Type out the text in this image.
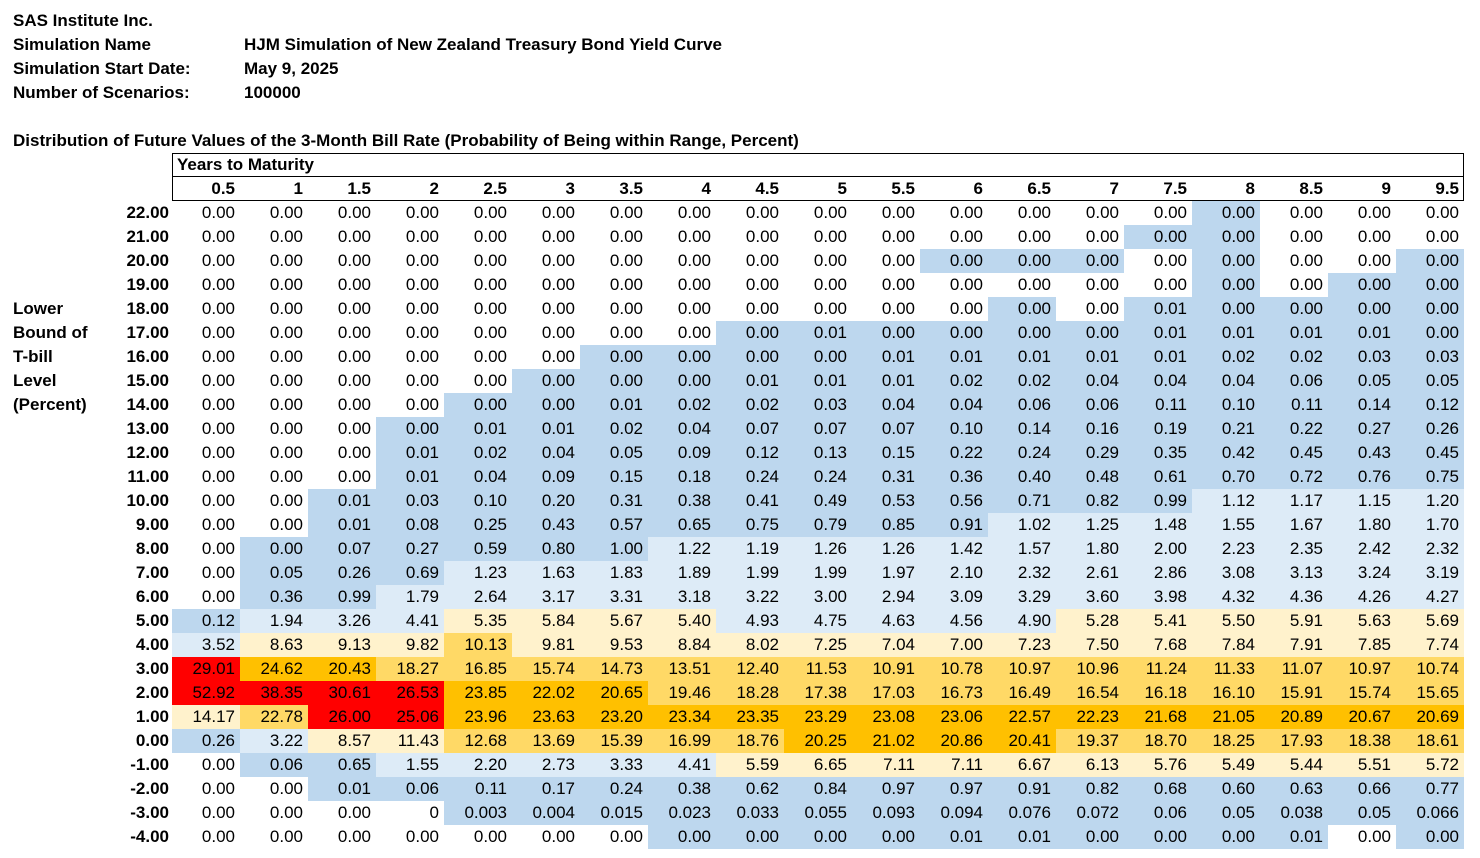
SAS Institute Inc.
Simulation Name	HJM Simulation of New Zealand Treasury Bond Yield Curve
Simulation Start Date:	May 9, 2025
Number of Scenarios:	100000
Distribution of Future Values of the 3-Month Bill Rate (Probability of Being within Range, Percent)
Years to Maturity
Lower
Bound of
T-bill
Level
(Percent)
0.5	1	1.5	2	2.5	3	3.5	4	4.5	5	5.5	6	6.5	7	7.5	8	8.5	9	9.5
22.00	0.00	0.00	0.00	0.00	0.00	0.00	0.00	0.00	0.00	0.00	0.00	0.00	0.00	0.00	0.00	0.00	0.00	0.00	0.00
21.00	0.00	0.00	0.00	0.00	0.00	0.00	0.00	0.00	0.00	0.00	0.00	0.00	0.00	0.00	0.00	0.00	0.00	0.00	0.00
20.00	0.00	0.00	0.00	0.00	0.00	0.00	0.00	0.00	0.00	0.00	0.00	0.00	0.00	0.00	0.00	0.00	0.00	0.00	0.00
19.00	0.00	0.00	0.00	0.00	0.00	0.00	0.00	0.00	0.00	0.00	0.00	0.00	0.00	0.00	0.00	0.00	0.00	0.00	0.00
18.00	0.00	0.00	0.00	0.00	0.00	0.00	0.00	0.00	0.00	0.00	0.00	0.00	0.00	0.00	0.01	0.00	0.00	0.00	0.00
17.00	0.00	0.00	0.00	0.00	0.00	0.00	0.00	0.00	0.00	0.01	0.00	0.00	0.00	0.00	0.01	0.01	0.01	0.01	0.00
16.00	0.00	0.00	0.00	0.00	0.00	0.00	0.00	0.00	0.00	0.00	0.01	0.01	0.01	0.01	0.01	0.02	0.02	0.03	0.03
15.00	0.00	0.00	0.00	0.00	0.00	0.00	0.00	0.00	0.01	0.01	0.01	0.02	0.02	0.04	0.04	0.04	0.06	0.05	0.05
14.00	0.00	0.00	0.00	0.00	0.00	0.00	0.01	0.02	0.02	0.03	0.04	0.04	0.06	0.06	0.11	0.10	0.11	0.14	0.12
13.00	0.00	0.00	0.00	0.00	0.01	0.01	0.02	0.04	0.07	0.07	0.07	0.10	0.14	0.16	0.19	0.21	0.22	0.27	0.26
12.00	0.00	0.00	0.00	0.01	0.02	0.04	0.05	0.09	0.12	0.13	0.15	0.22	0.24	0.29	0.35	0.42	0.45	0.43	0.45
11.00	0.00	0.00	0.00	0.01	0.04	0.09	0.15	0.18	0.24	0.24	0.31	0.36	0.40	0.48	0.61	0.70	0.72	0.76	0.75
10.00	0.00	0.00	0.01	0.03	0.10	0.20	0.31	0.38	0.41	0.49	0.53	0.56	0.71	0.82	0.99	1.12	1.17	1.15	1.20
9.00	0.00	0.00	0.01	0.08	0.25	0.43	0.57	0.65	0.75	0.79	0.85	0.91	1.02	1.25	1.48	1.55	1.67	1.80	1.70
8.00	0.00	0.00	0.07	0.27	0.59	0.80	1.00	1.22	1.19	1.26	1.26	1.42	1.57	1.80	2.00	2.23	2.35	2.42	2.32
7.00	0.00	0.05	0.26	0.69	1.23	1.63	1.83	1.89	1.99	1.99	1.97	2.10	2.32	2.61	2.86	3.08	3.13	3.24	3.19
6.00	0.00	0.36	0.99	1.79	2.64	3.17	3.31	3.18	3.22	3.00	2.94	3.09	3.29	3.60	3.98	4.32	4.36	4.26	4.27
5.00	0.12	1.94	3.26	4.41	5.35	5.84	5.67	5.40	4.93	4.75	4.63	4.56	4.90	5.28	5.41	5.50	5.91	5.63	5.69
4.00	3.52	8.63	9.13	9.82	10.13	9.81	9.53	8.84	8.02	7.25	7.04	7.00	7.23	7.50	7.68	7.84	7.91	7.85	7.74
3.00	29.01	24.62	20.43	18.27	16.85	15.74	14.73	13.51	12.40	11.53	10.91	10.78	10.97	10.96	11.24	11.33	11.07	10.97	10.74
2.00	52.92	38.35	30.61	26.53	23.85	22.02	20.65	19.46	18.28	17.38	17.03	16.73	16.49	16.54	16.18	16.10	15.91	15.74	15.65
1.00	14.17	22.78	26.00	25.06	23.96	23.63	23.20	23.34	23.35	23.29	23.08	23.06	22.57	22.23	21.68	21.05	20.89	20.67	20.69
0.00	0.26	3.22	8.57	11.43	12.68	13.69	15.39	16.99	18.76	20.25	21.02	20.86	20.41	19.37	18.70	18.25	17.93	18.38	18.61
-1.00	0.00	0.06	0.65	1.55	2.20	2.73	3.33	4.41	5.59	6.65	7.11	7.11	6.67	6.13	5.76	5.49	5.44	5.51	5.72
-2.00	0.00	0.00	0.01	0.06	0.11	0.17	0.24	0.38	0.62	0.84	0.97	0.97	0.91	0.82	0.68	0.60	0.63	0.66	0.77
-3.00	0.00	0.00	0.00	0	0.003	0.004	0.015	0.023	0.033	0.055	0.093	0.094	0.076	0.072	0.06	0.05	0.038	0.05	0.066
-4.00	0.00	0.00	0.00	0.00	0.00	0.00	0.00	0.00	0.00	0.00	0.00	0.01	0.01	0.00	0.00	0.00	0.01	0.00	0.00
